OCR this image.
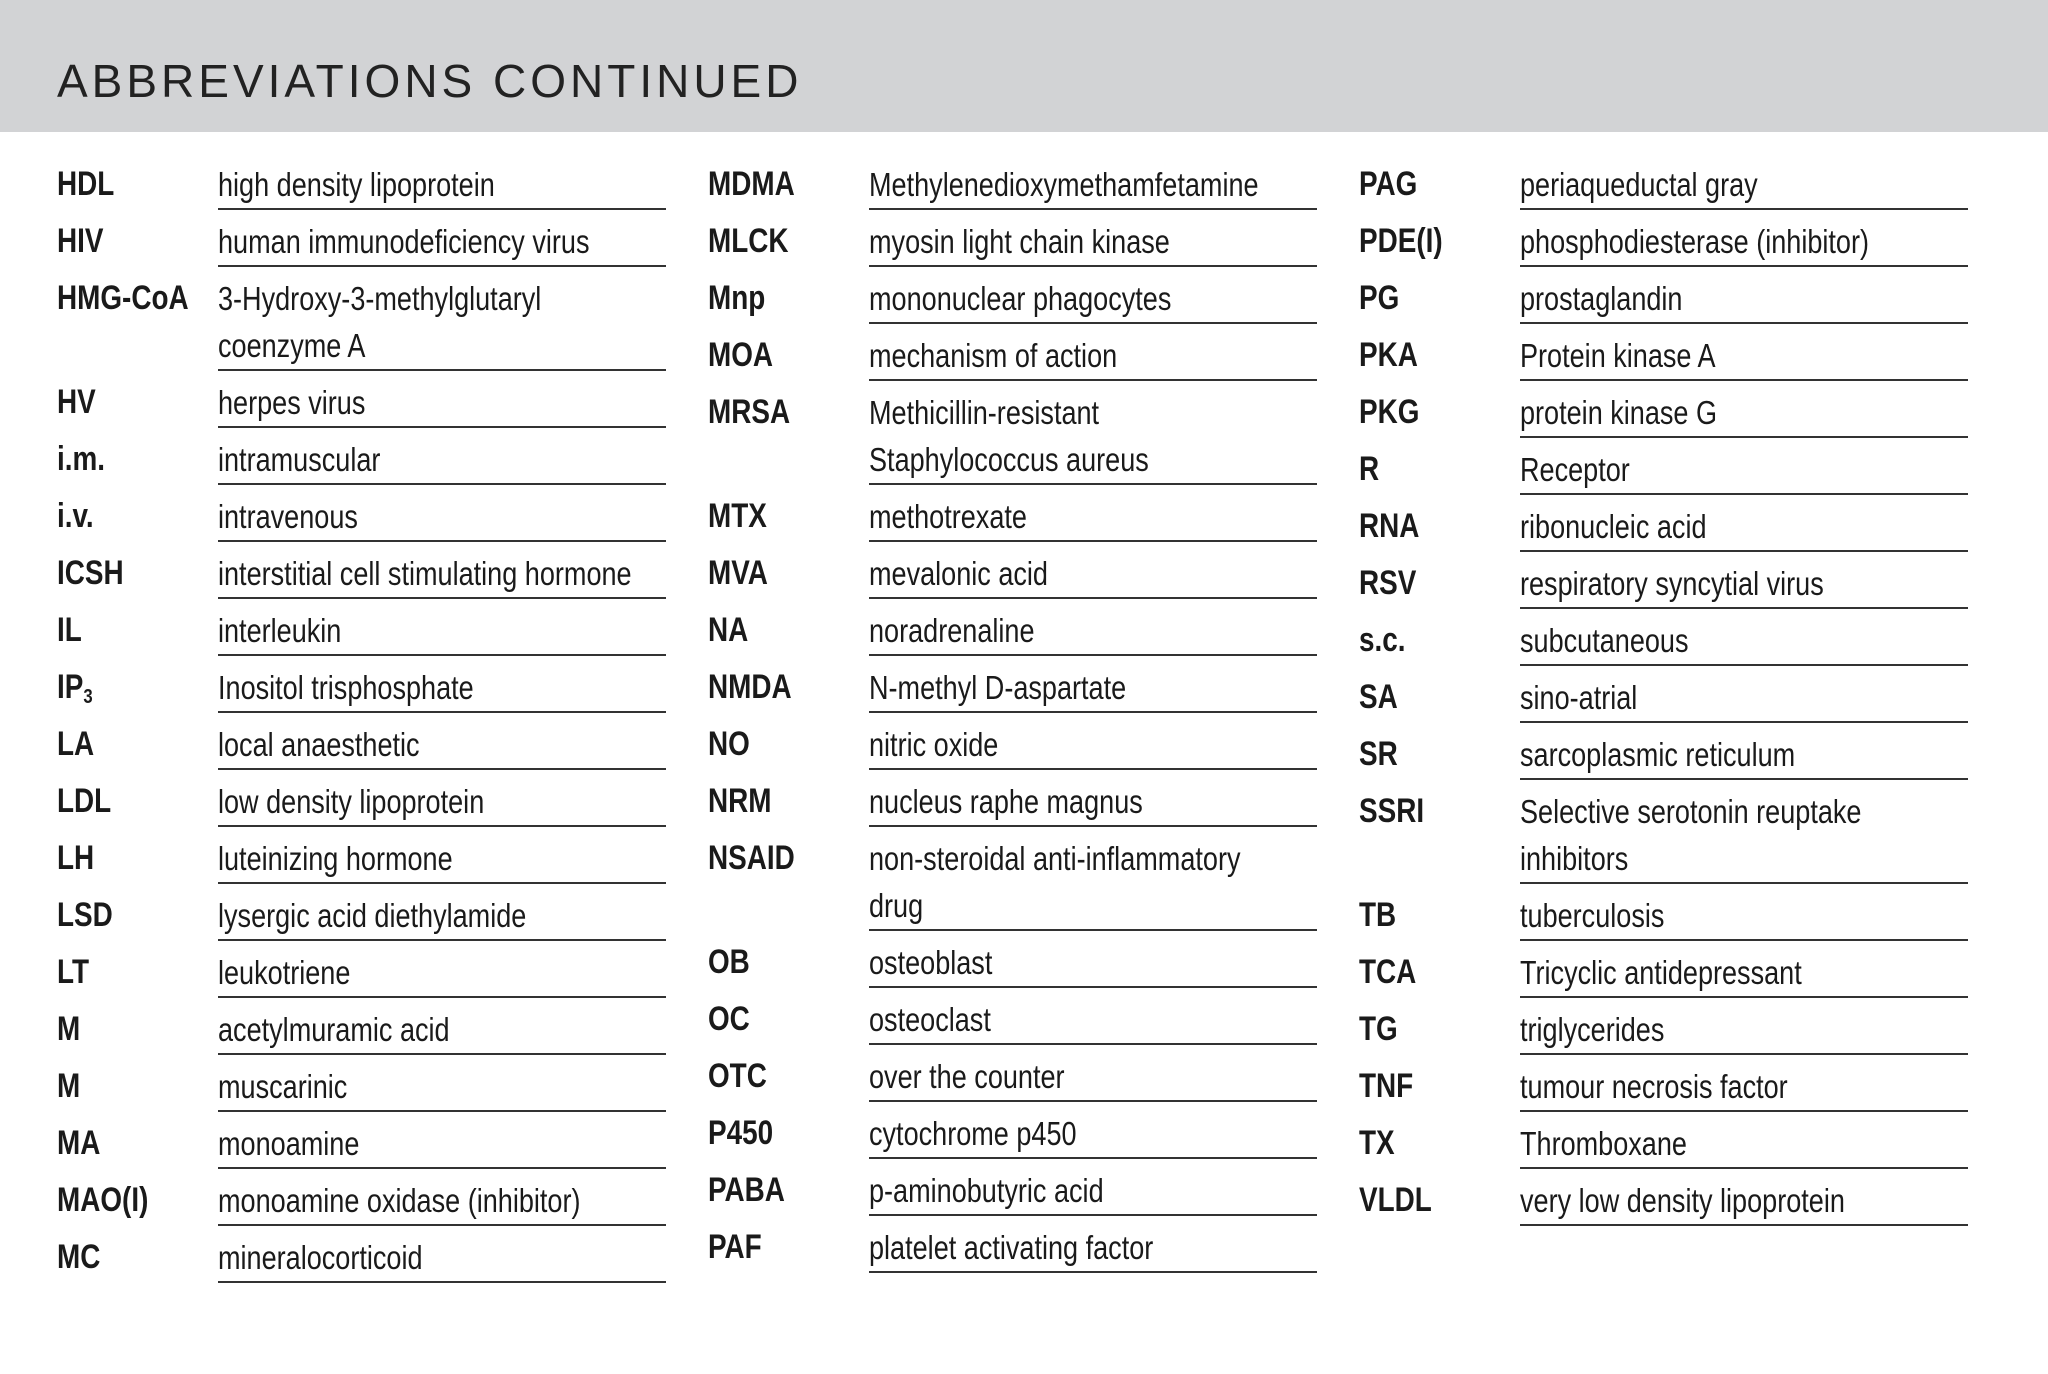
ABBREVIATIONS CONTINUED
HDL	high density lipoprotein
HIV	human immunodeficiency virus
HMG-CoA 3-Hydroxy-3-methylglutaryl
coenzyme A
HV	herpes virus
i.m.	intramuscular
i.v.	intravenous
ICSH	interstitial cell stimulating hormone
IL	interleukin
$IP_3$	Inositol trisphosphate
LA	local anaesthetic
LDL	low density lipoprotein
LH	luteinizing hormone
LSD	lysergic acid diethylamide
LT	leukotriene
M	acetylmuramic acid
M	muscarinic
MA	monoamine
MAO(I) monoamine oxidase (inhibitor)
MC	mineralocorticoid
MDMA Methylenedioxymethamfetamine
MLCK myosin light chain kinase
Mnp	mononuclear phagocytes
MOA	mechanism of action
MRSA Methicillin-resistant
Staphylococcus aureus
MTX	methotrexate
MVA	mevalonic acid
NA	noradrenaline
NMDA N-methyl D-aspartate
NO	nitric oxide
NRM	nucleus raphe magnus
NSAID non-steroidal anti-inflammatory
drug
OB	osteoblast
OC	osteoclast
OTC	over the counter
P450	cytochrome p450
PABA	p-aminobutyric acid
PAF	platelet activating factor
PAG	periaqueductal gray
PDE(I) phosphodiesterase (inhibitor)
PG	prostaglandin
PKA	Protein kinase A
PKG	protein kinase G
R	Receptor
RNA	ribonucleic acid
RSV	respiratory syncytial virus
s.c.	subcutaneous
SA	sino-atrial
SR	sarcoplasmic reticulum
SSRI	Selective serotonin reuptake
inhibitors
TB	tuberculosis
TCA	Tricyclic antidepressant
TG	triglycerides
TNF	tumour necrosis factor
TX	Thromboxane
VLDL	very low density lipoprotein
